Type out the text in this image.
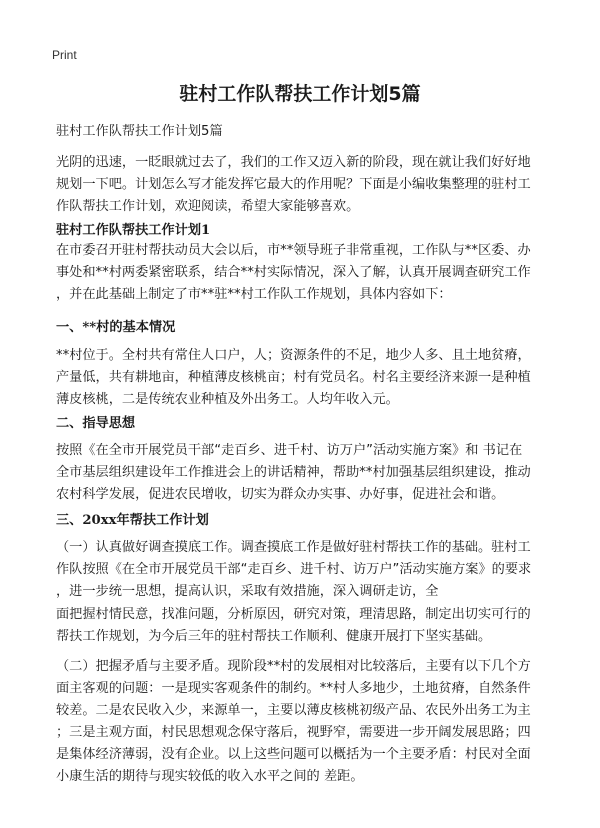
Print
驻村工作队帮扶工作计划5篇
驻村工作队帮扶工作计划5篇
光阴的迅速，一眨眼就过去了，我们的工作又迈入新的阶段，现在就让我们好好地
规划一下吧。计划怎么写才能发挥它最大的作用呢？下面是小编收集整理的驻村工
作队帮扶工作计划，欢迎阅读，希望大家能够喜欢。
驻村工作队帮扶工作计划1
在市委召开驻村帮扶动员大会以后，市**领导班子非常重视，工作队与**区委、办
事处和**村两委紧密联系，结合**村实际情况，深入了解，认真开展调查研究工作
，并在此基础上制定了市**驻**村工作队工作规划，具体内容如下：
一、**村的基本情况
**村位于。全村共有常住人口户，人；资源条件的不足，地少人多、且土地贫瘠，
产量低，共有耕地亩，种植薄皮核桃亩；村有党员名。村名主要经济来源一是种植
薄皮核桃，二是传统农业种植及外出务工。人均年收入元。
二、指导思想
按照《在全市开展党员干部“走百乡、进千村、访万户”活动实施方案》和 书记在
全市基层组织建设年工作推进会上的讲话精神，帮助**村加强基层组织建设，推动
农村科学发展，促进农民增收，切实为群众办实事、办好事，促进社会和谐。
三、20xx年帮扶工作计划
（一）认真做好调查摸底工作。调查摸底工作是做好驻村帮扶工作的基础。驻村工
作队按照《在全市开展党员干部“走百乡、进千村、访万户”活动实施方案》的要求
，进一步统一思想，提高认识，采取有效措施，深入调研走访，全
面把握村情民意，找准问题，分析原因，研究对策，理清思路，制定出切实可行的
帮扶工作规划，为今后三年的驻村帮扶工作顺利、健康开展打下坚实基础。
（二）把握矛盾与主要矛盾。现阶段**村的发展相对比较落后，主要有以下几个方
面主客观的问题：一是现实客观条件的制约。**村人多地少，土地贫瘠，自然条件
较差。二是农民收入少，来源单一，主要以薄皮核桃初级产品、农民外出务工为主
；三是主观方面，村民思想观念保守落后，视野窄，需要进一步开阔发展思路；四
是集体经济薄弱，没有企业。以上这些问题可以概括为一个主要矛盾：村民对全面
小康生活的期待与现实较低的收入水平之间的 差距。
